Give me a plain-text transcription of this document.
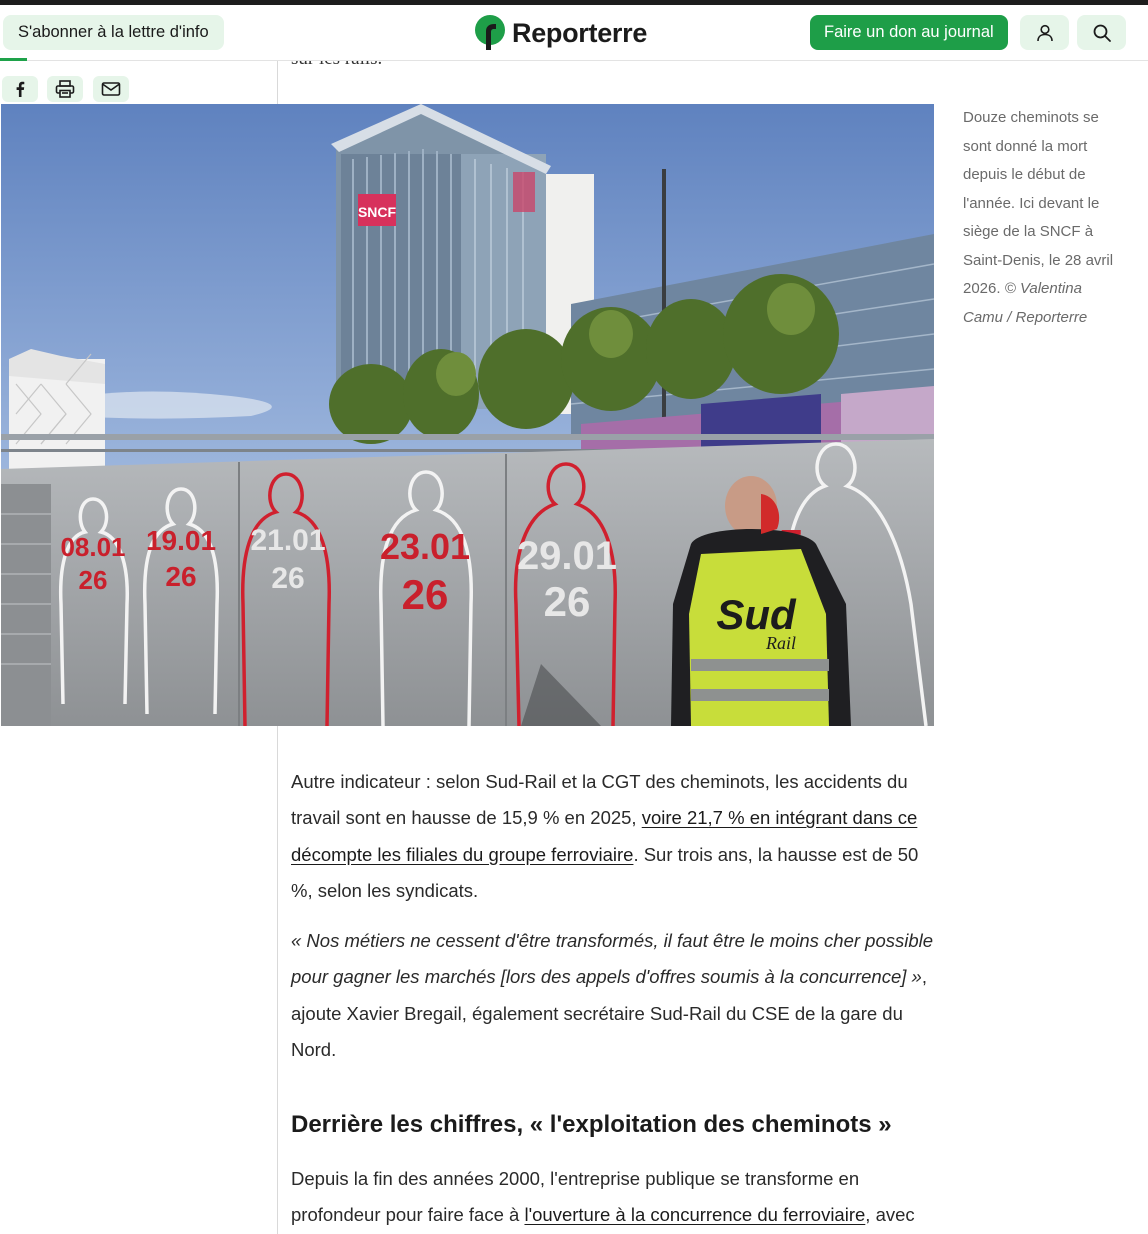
S'abonner à la lettre d'info	Reporterre	Faire un don au journal
SNCF
08.01
26
19.01
26
21.01
26
23.01
26
29.01
26	Sud
Rail
Douze cheminots se sont donné la mort depuis le début de l'année. Ici devant le siège de la SNCF à Saint-Denis, le 28 avril 2026. © Valentina Camu / Reporterre

Autre indicateur : selon Sud-Rail et la CGT des cheminots, les accidents du travail sont en hausse de 15,9 % en 2025, voire 21,7 % en intégrant dans ce décompte les filiales du groupe ferroviaire. Sur trois ans, la hausse est de 50 %, selon les syndicats.

« Nos métiers ne cessent d'être transformés, il faut être le moins cher possible pour gagner les marchés [lors des appels d'offres soumis à la concurrence] », ajoute Xavier Bregail, également secrétaire Sud-Rail du CSE de la gare du Nord.

Derrière les chiffres, « l'exploitation des cheminots »

Depuis la fin des années 2000, l'entreprise publique se transforme en profondeur pour faire face à l'ouverture à la concurrence du ferroviaire, avec
